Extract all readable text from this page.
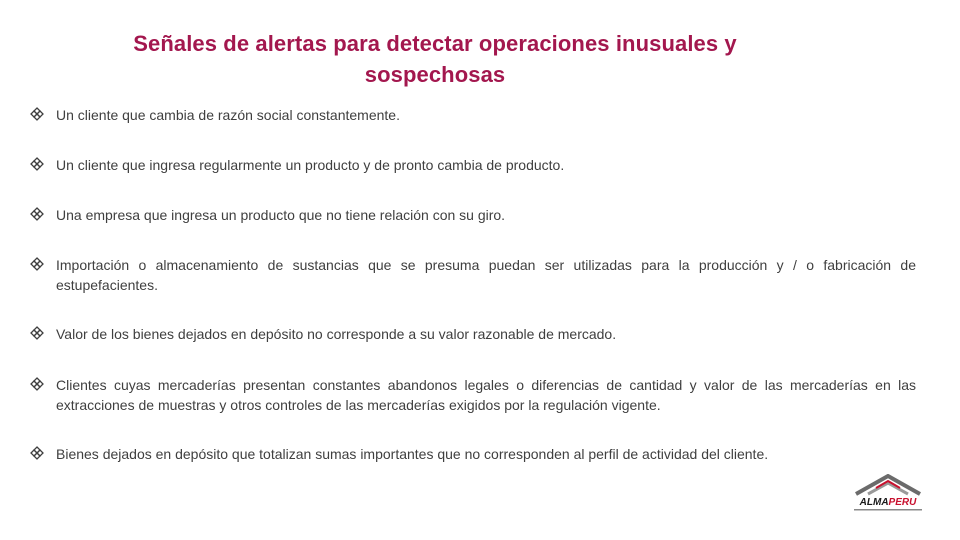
Señales de alertas para detectar operaciones inusuales y sospechosas
Un cliente que cambia de razón social constantemente.
Un cliente que ingresa regularmente un producto y de pronto cambia de producto.
Una empresa que ingresa un producto que no tiene relación con su giro.
Importación o almacenamiento de sustancias que se presuma puedan ser utilizadas para la producción y / o fabricación de estupefacientes.
Valor de los bienes dejados en depósito no corresponde a su valor razonable de mercado.
Clientes cuyas mercaderías presentan constantes abandonos legales o diferencias de cantidad y valor de las mercaderías en las extracciones de muestras y otros controles de las mercaderías exigidos por la regulación vigente.
Bienes dejados en depósito que totalizan sumas importantes que no corresponden al perfil de actividad del cliente.
ALMAPERU
